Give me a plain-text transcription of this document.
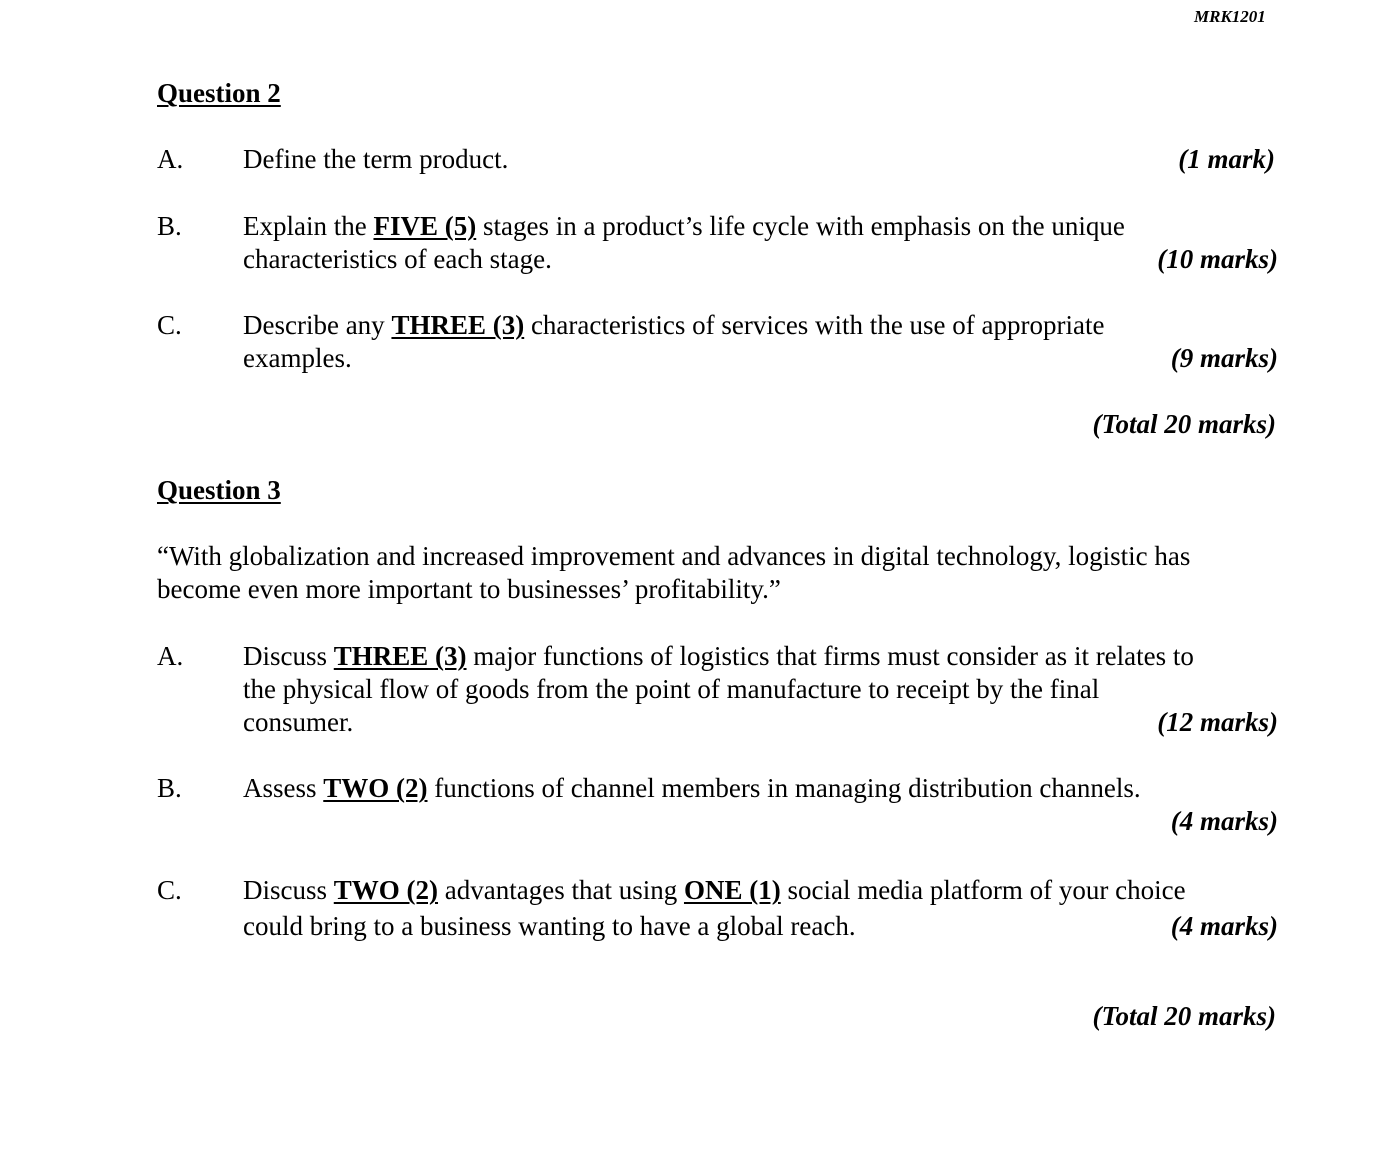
MRK1201
Question 2
A. Define the term product.	(1 mark)
B. Explain the FIVE (5) stages in a product’s life cycle with emphasis on the unique
characteristics of each stage.	(10 marks)
C. Describe any THREE (3) characteristics of services with the use of appropriate
examples.	(9 marks)
(Total 20 marks)
Question 3
“With globalization and increased improvement and advances in digital technology, logistic has
become even more important to businesses’ profitability.”
A. Discuss THREE (3) major functions of logistics that firms must consider as it relates to
the physical flow of goods from the point of manufacture to receipt by the final
consumer.	(12 marks)
B. Assess TWO (2) functions of channel members in managing distribution channels.
(4 marks)
C. Discuss TWO (2) advantages that using ONE (1) social media platform of your choice
could bring to a business wanting to have a global reach.	(4 marks)
(Total 20 marks)
